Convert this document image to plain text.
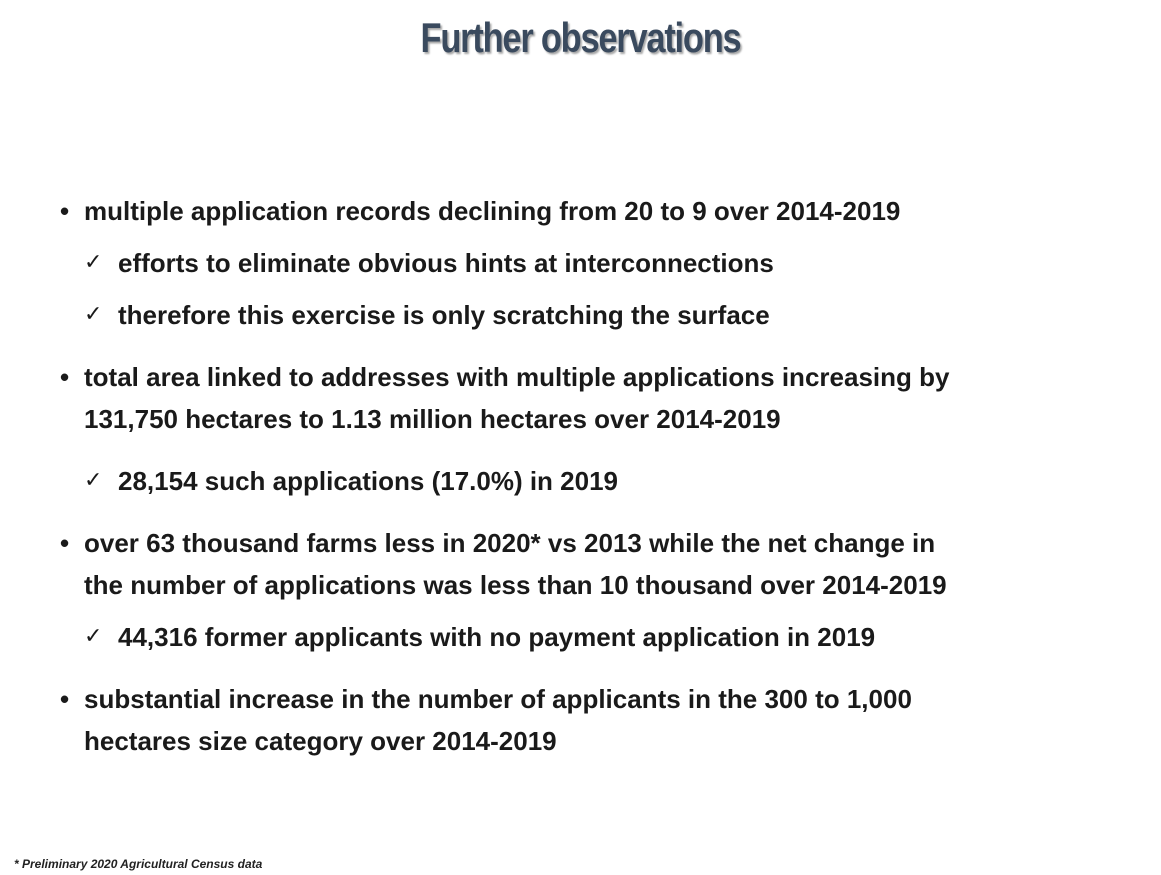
Further observations

• multiple application records declining from 20 to 9 over 2014-2019

✓ efforts to eliminate obvious hints at interconnections

✓ therefore this exercise is only scratching the surface

• total area linked to addresses with multiple applications increasing by
131,750 hectares to 1.13 million hectares over 2014-2019

✓ 28,154 such applications (17.0%) in 2019

• over 63 thousand farms less in 2020* vs 2013 while the net change in
the number of applications was less than 10 thousand over 2014-2019

✓ 44,316 former applicants with no payment application in 2019

• substantial increase in the number of applicants in the 300 to 1,000
hectares size category over 2014-2019

* Preliminary 2020 Agricultural Census data
